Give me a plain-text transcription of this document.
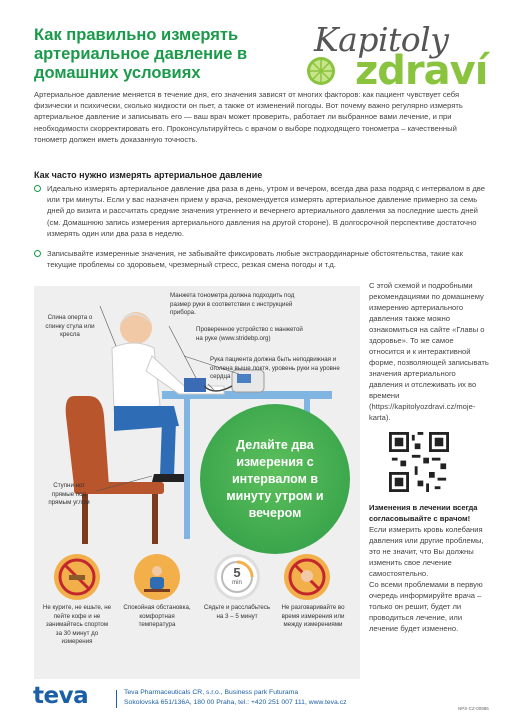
Как правильно измерять артериальное давление в домашних условиях
Kapitoly
zdraví

Артериальное давление меняется в течение дня, его значения зависят от многих факторов: как пациент чувствует себя физически и психически, сколько жидкости он пьет, а также от изменений погоды. Вот почему важно регулярно измерять артериальное давление и записывать его — ваш врач может проверить, работает ли выбранное вами лечение, и при необходимости скорректировать его. Проконсультируйтесь с врачом о выборе подходящего тонометра – качественный тонометр должен иметь доказанную точность.

Как часто нужно измерять артериальное давление
Идеально измерять артериальное давление два раза в день, утром и вечером, всегда два раза подряд с интервалом в две или три минуты. Если у вас назначен прием у врача, рекомендуется измерять артериальное давление примерно за семь дней до визита и рассчитать средние значения утреннего и вечернего артериального давления за последние шесть дней (см. Домашнюю запись измерения артериального давления на другой стороне). В долгосрочной перспективе достаточно измерять один или два раза в неделю.
Записывайте измеренные значения, не забывайте фиксировать любые экстраординарные обстоятельства, такие как текущие проблемы со здоровьем, чрезмерный стресс, резкая смена погоды и т.д.
Спина оперта о спинку стула или кресла
Манжета тонометра должна подходить под размер руки в соответствии с инструкцией прибора.
Проверенное устройство с манжетой на руке (www.stridebp.org)
Рука пациента должна быть неподвижная и оголена выше локтя, уровень руки на уровне сердца
Ступни ног прямые под прямым углом
Делайте два измерения с интервалом в минуту утром и вечером
5
min
Не курите, не ешьте, не пейте кофе и не занимайтесь спортом за 30 минут до измерения
Спокойная обстановка, комфортная температура
Сядьте и расслабьтесь на 3 – 5 минут
Не разговаривайте во время измерения или между измерениями

С этой схемой и подробными рекомендациями по домашнему измерению артериального давления также можно ознакомиться на сайте «Главы о здоровье». То же самое относится и к интерактивной форме, позволяющей записывать значения артериального давления и отслеживать их во времени (https://kapitolyozdravi.cz/moje-karta).

Изменения в лечении всегда согласовывайте с врачом!
Если измерить кровь колебания давления или другие проблемы, это не значит, что Вы должны изменить свое лечение самостоятельно.
Со всеми проблемами в первую очередь информируйте врача – только он решит, будет ли проводиться лечение, или лечение будет изменено.
teva	Teva Pharmaceuticals CR, s.r.o., Business park Futurama
Sokolovská 651/136A, 180 00 Praha, tel.: +420 251 007 111, www.teva.cz
NPS-CZ-00985
